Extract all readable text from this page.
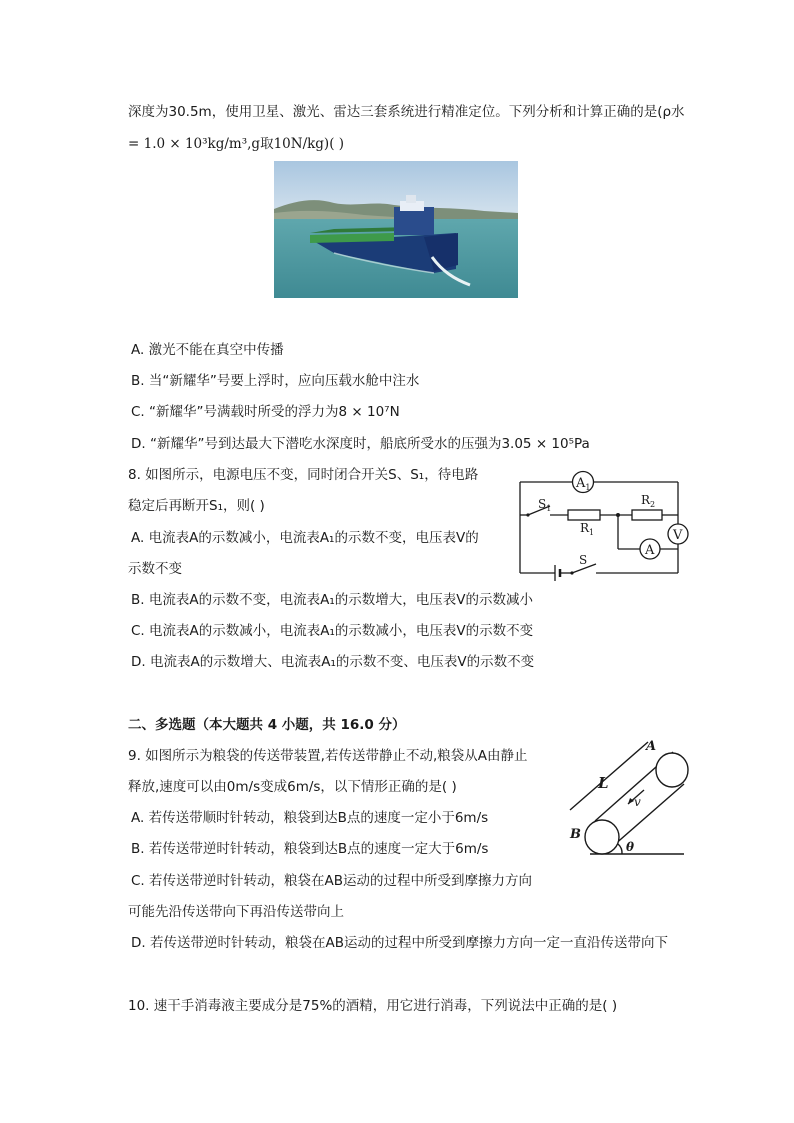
深度为30.5m，使用卫星、激光、雷达三套系统进行精准定位。下列分析和计算正确的是(ρ水
= 1.0 × 10³kg/m³,g取10N/kg)( )
A. 激光不能在真空中传播
B. 当“新耀华”号要上浮时，应向压载水舱中注水
C. “新耀华”号满载时所受的浮力为8 × 10⁷N
D. “新耀华”号到达最大下潜吃水深度时，船底所受水的压强为3.05 × 10⁵Pa
8. 如图所示，电源电压不变，同时闭合开关S、S₁，待电路
稳定后再断开S₁，则( )
A. 电流表A的示数减小，电流表A₁的示数不变，电压表V的
示数不变
B. 电流表A的示数不变，电流表A₁的示数增大，电压表V的示数减小
C. 电流表A的示数减小，电流表A₁的示数减小，电压表V的示数不变
D. 电流表A的示数增大、电流表A₁的示数不变、电压表V的示数不变
$A_1$
$S_1$
$R_1$
$R_2$
V
A
S
二、多选题（本大题共 4 小题，共 16.0 分）
9. 如图所示为粮袋的传送带装置,若传送带静止不动,粮袋从A由静止
释放,速度可以由0m/s变成6m/s，以下情形正确的是( )
A. 若传送带顺时针转动，粮袋到达B点的速度一定小于6m/s
B. 若传送带逆时针转动，粮袋到达B点的速度一定大于6m/s
C. 若传送带逆时针转动，粮袋在AB运动的过程中所受到摩擦力方向
可能先沿传送带向下再沿传送带向上
D. 若传送带逆时针转动，粮袋在AB运动的过程中所受到摩擦力方向一定一直沿传送带向下
L
A
B
v
θ
10. 速干手消毒液主要成分是75%的酒精，用它进行消毒，下列说法中正确的是( )
